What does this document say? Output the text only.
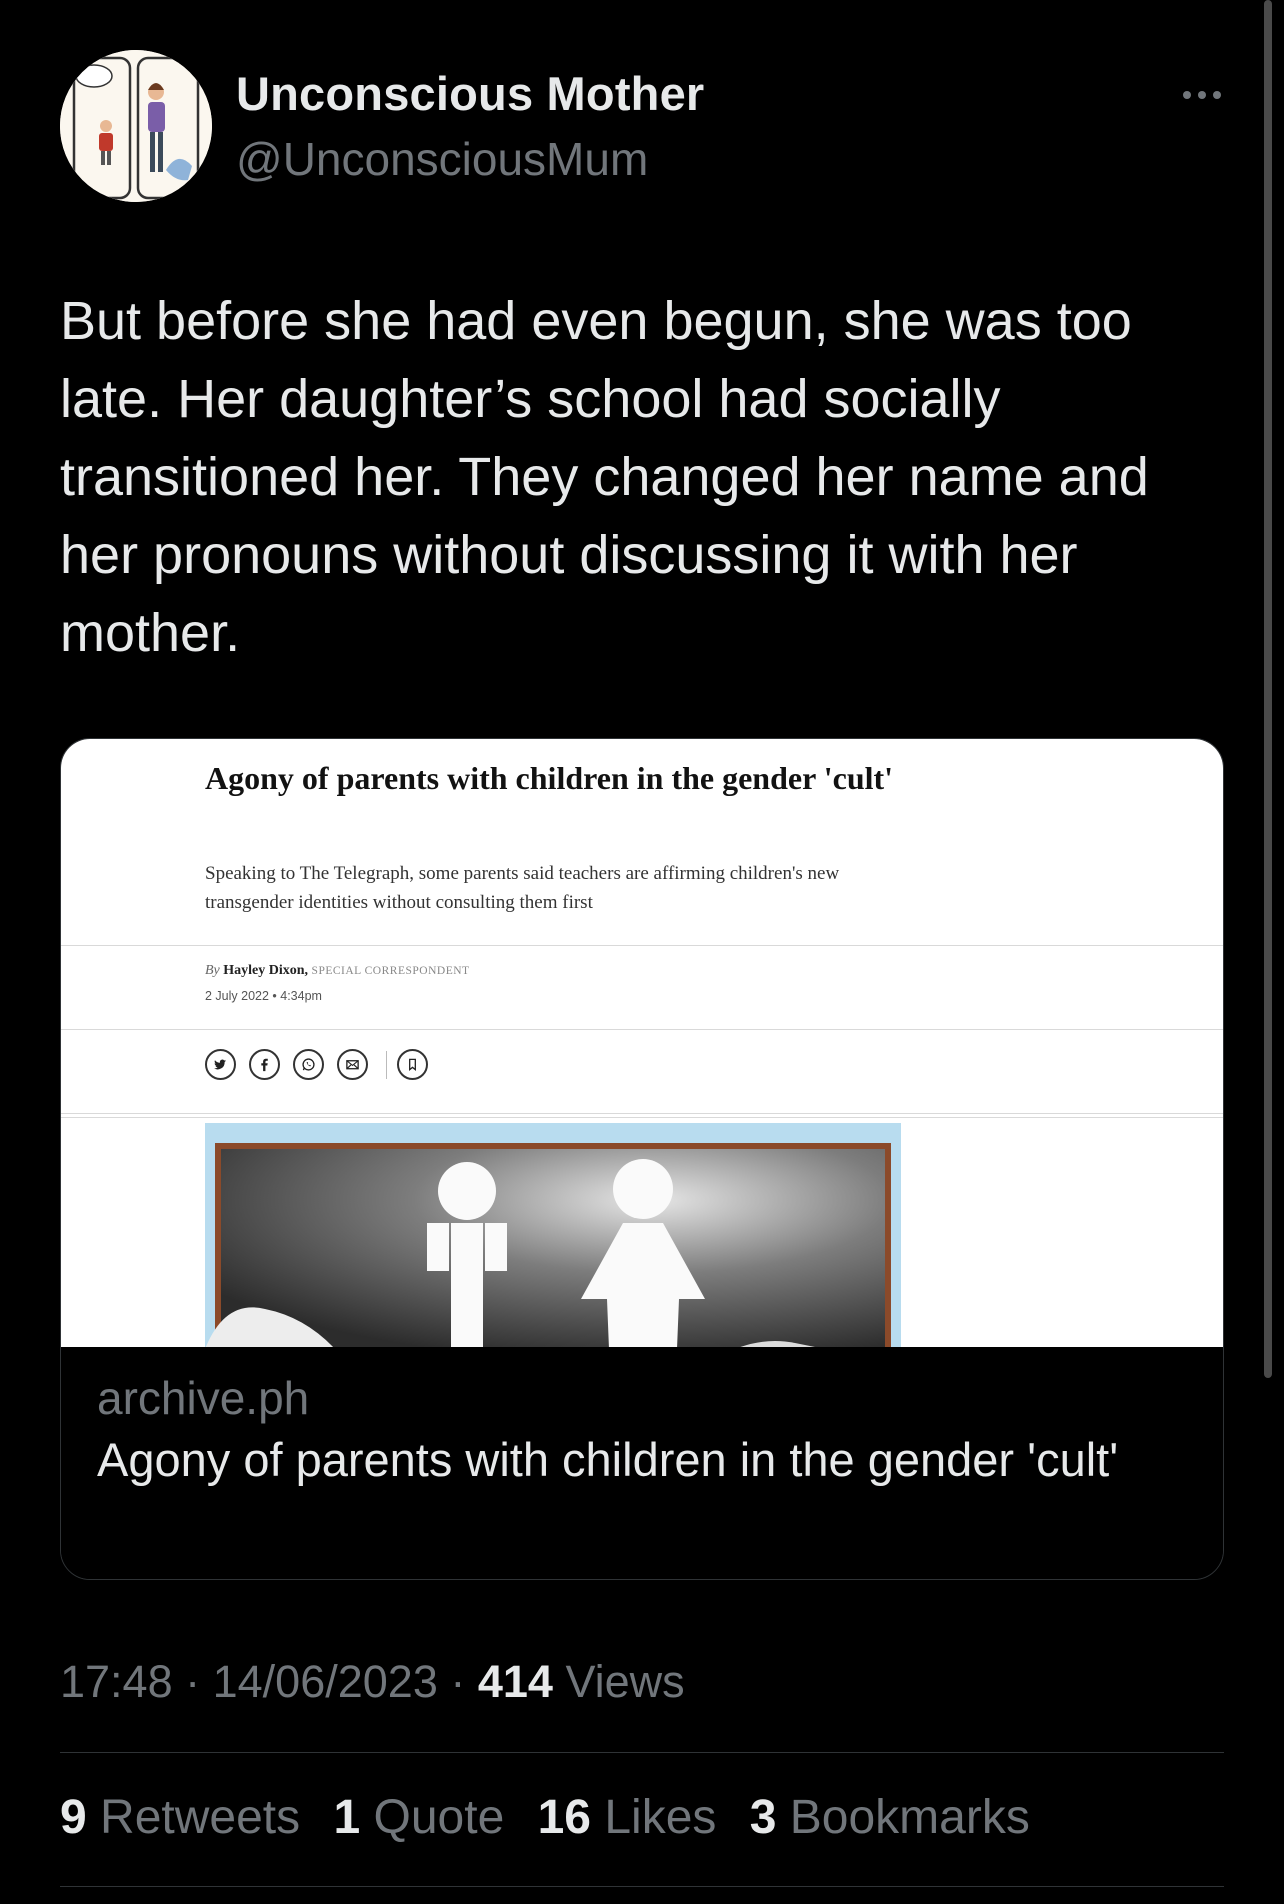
Unconscious Mother
@UnconsciousMum

But before she had even begun, she was too late. Her daughter’s school had socially transitioned her. They changed her name and her pronouns without discussing it with her mother.

Agony of parents with children in the gender 'cult'
Speaking to The Telegraph, some parents said teachers are affirming children's new transgender identities without consulting them first
By Hayley Dixon, SPECIAL CORRESPONDENT
2 July 2022 • 4:34pm
archive.ph
Agony of parents with children in the gender 'cult'
17:48 · 14/06/2023 · 414 Views
9 Retweets 1 Quote 16 Likes 3 Bookmarks
